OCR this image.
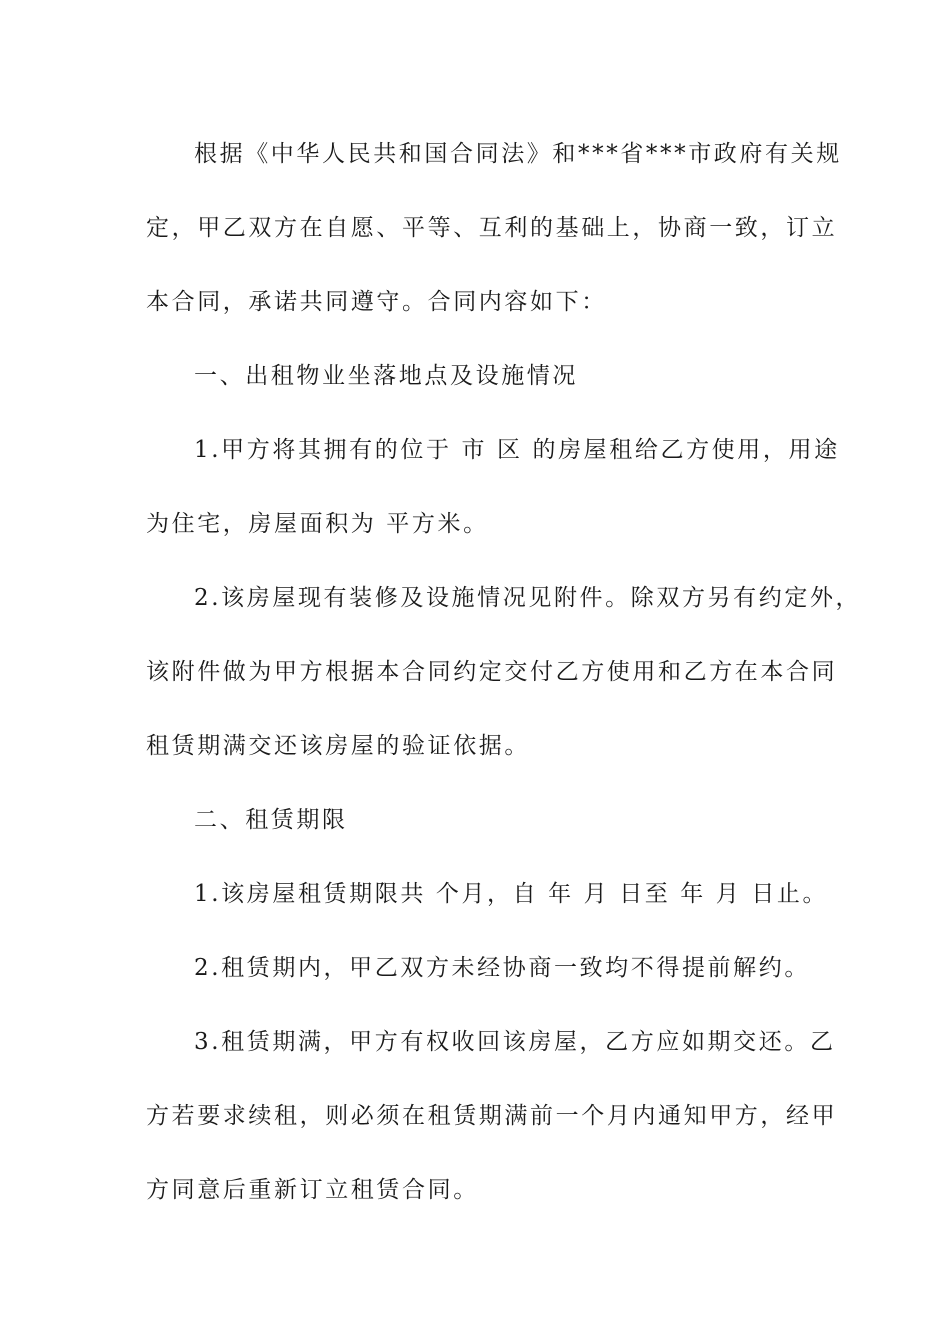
根据《中华人民共和国合同法》和***省***市政府有关规
定，甲乙双方在自愿、平等、互利的基础上，协商一致，订立
本合同，承诺共同遵守。合同内容如下：
一、出租物业坐落地点及设施情况
1.甲方将其拥有的位于 市 区 的房屋租给乙方使用，用途
为住宅，房屋面积为 平方米。
2.该房屋现有装修及设施情况见附件。除双方另有约定外，
该附件做为甲方根据本合同约定交付乙方使用和乙方在本合同
租赁期满交还该房屋的验证依据。
二、租赁期限
1.该房屋租赁期限共 个月，自 年 月 日至 年 月 日止。
2.租赁期内，甲乙双方未经协商一致均不得提前解约。
3.租赁期满，甲方有权收回该房屋，乙方应如期交还。乙
方若要求续租，则必须在租赁期满前一个月内通知甲方，经甲
方同意后重新订立租赁合同。
